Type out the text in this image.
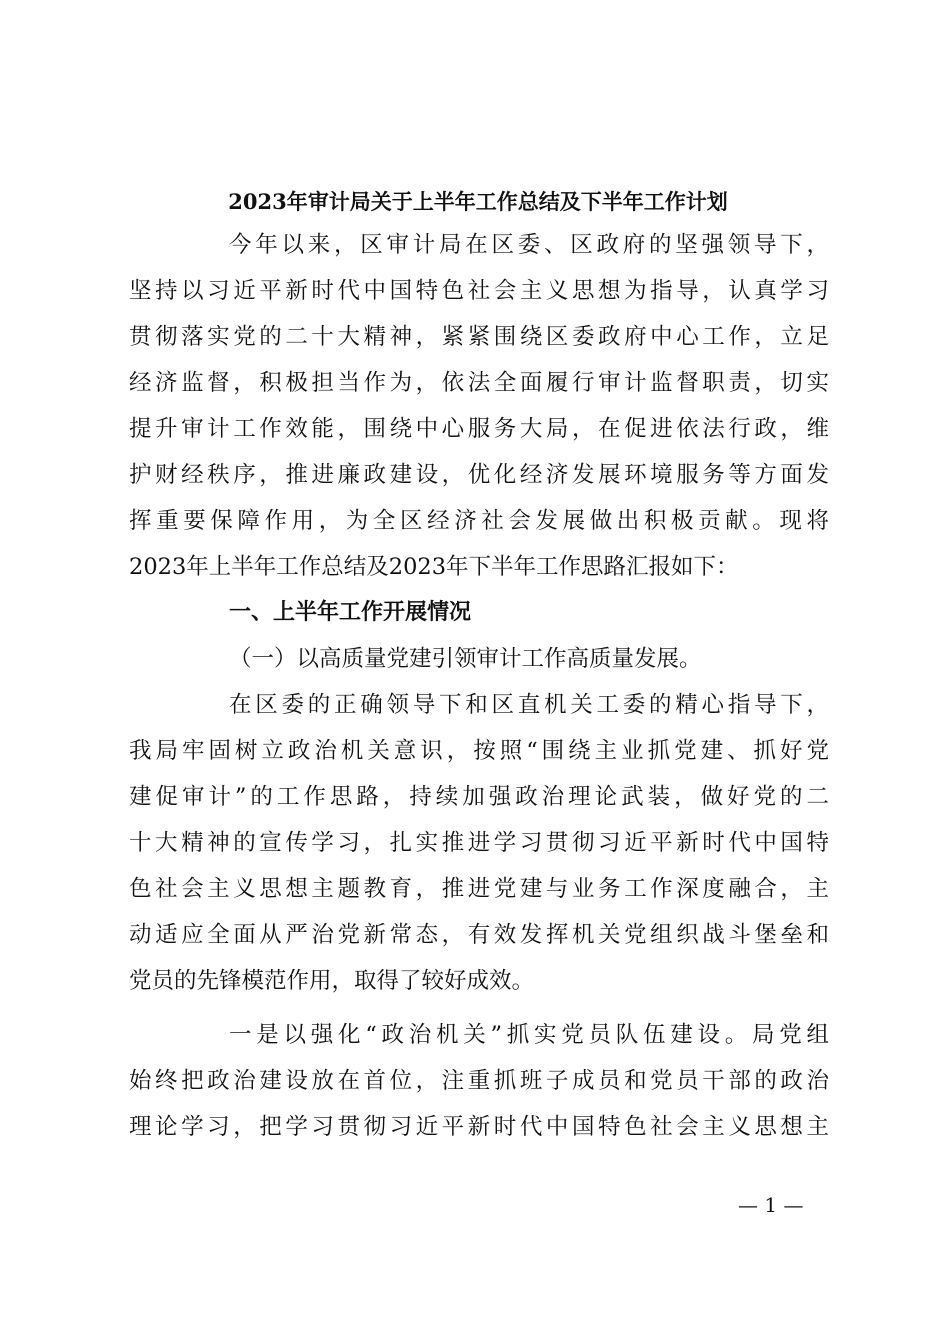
2023年审计局关于上半年工作总结及下半年工作计划
今年以来，区审计局在区委、区政府的坚强领导下，
坚持以习近平新时代中国特色社会主义思想为指导，认真学习
贯彻落实党的二十大精神，紧紧围绕区委政府中心工作，立足
经济监督，积极担当作为，依法全面履行审计监督职责，切实
提升审计工作效能，围绕中心服务大局，在促进依法行政，维
护财经秩序，推进廉政建设，优化经济发展环境服务等方面发
挥重要保障作用，为全区经济社会发展做出积极贡献。现将
2023年上半年工作总结及2023年下半年工作思路汇报如下：
一、上半年工作开展情况
（一）以高质量党建引领审计工作高质量发展。
在区委的正确领导下和区直机关工委的精心指导下，
我局牢固树立政治机关意识，按照“围绕主业抓党建、抓好党
建促审计”的工作思路，持续加强政治理论武装，做好党的二
十大精神的宣传学习，扎实推进学习贯彻习近平新时代中国特
色社会主义思想主题教育，推进党建与业务工作深度融合，主
动适应全面从严治党新常态，有效发挥机关党组织战斗堡垒和
党员的先锋模范作用，取得了较好成效。
一是以强化“政治机关”抓实党员队伍建设。局党组
始终把政治建设放在首位，注重抓班子成员和党员干部的政治
理论学习，把学习贯彻习近平新时代中国特色社会主义思想主
— 1 —
